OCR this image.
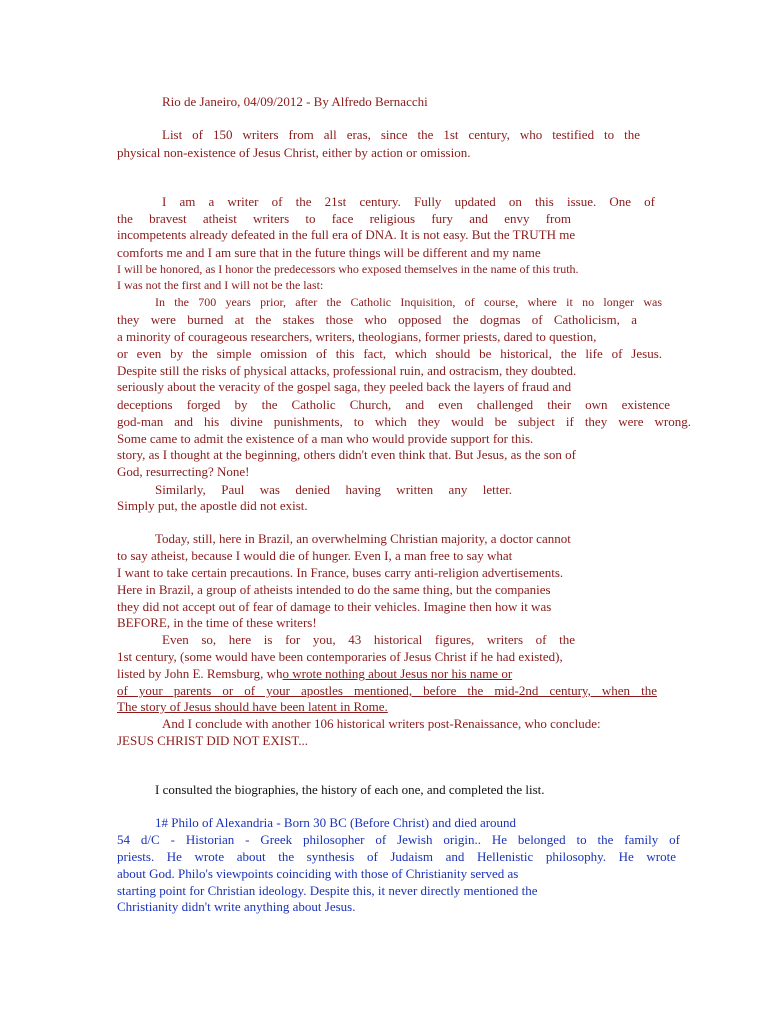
Rio de Janeiro, 04/09/2012 - By Alfredo Bernacchi
List of 150 writers from all eras, since the 1st century, who testified to the
physical non-existence of Jesus Christ, either by action or omission.
I am a writer of the 21st century. Fully updated on this issue. One of
the bravest atheist writers to face religious fury and envy from
incompetents already defeated in the full era of DNA. It is not easy. But the TRUTH me
comforts me and I am sure that in the future things will be different and my name
I will be honored, as I honor the predecessors who exposed themselves in the name of this truth.
I was not the first and I will not be the last:
In the 700 years prior, after the Catholic Inquisition, of course, where it no longer was
they were burned at the stakes those who opposed the dogmas of Catholicism, a
a minority of courageous researchers, writers, theologians, former priests, dared to question,
or even by the simple omission of this fact, which should be historical, the life of Jesus.
Despite still the risks of physical attacks, professional ruin, and ostracism, they doubted.
seriously about the veracity of the gospel saga, they peeled back the layers of fraud and
deceptions forged by the Catholic Church, and even challenged their own existence
god-man and his divine punishments, to which they would be subject if they were wrong.
Some came to admit the existence of a man who would provide support for this.
story, as I thought at the beginning, others didn't even think that. But Jesus, as the son of
God, resurrecting? None!
Similarly, Paul was denied having written any letter.
Simply put, the apostle did not exist.
Today, still, here in Brazil, an overwhelming Christian majority, a doctor cannot
to say atheist, because I would die of hunger. Even I, a man free to say what
I want to take certain precautions. In France, buses carry anti-religion advertisements.
Here in Brazil, a group of atheists intended to do the same thing, but the companies
they did not accept out of fear of damage to their vehicles. Imagine then how it was
BEFORE, in the time of these writers!
Even so, here is for you, 43 historical figures, writers of the
1st century, (some would have been contemporaries of Jesus Christ if he had existed),
listed by John E. Remsburg, who wrote nothing about Jesus nor his name or
of your parents or of your apostles mentioned, before the mid-2nd century, when the
The story of Jesus should have been latent in Rome.
And I conclude with another 106 historical writers post-Renaissance, who conclude:
JESUS CHRIST DID NOT EXIST...
I consulted the biographies, the history of each one, and completed the list.
1# Philo of Alexandria - Born 30 BC (Before Christ) and died around
54 d/C - Historian - Greek philosopher of Jewish origin.. He belonged to the family of
priests. He wrote about the synthesis of Judaism and Hellenistic philosophy. He wrote
about God. Philo's viewpoints coinciding with those of Christianity served as
starting point for Christian ideology. Despite this, it never directly mentioned the
Christianity didn't write anything about Jesus.
